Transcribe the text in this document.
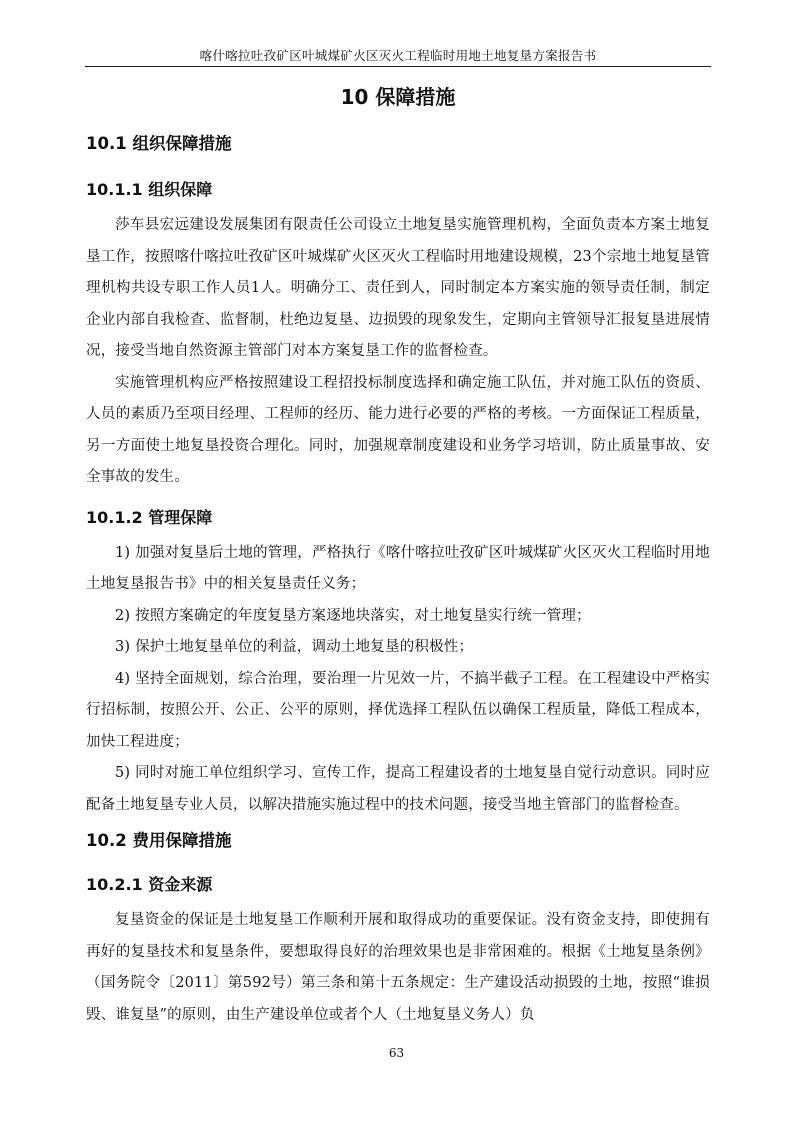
喀什喀拉吐孜矿区叶城煤矿火区灭火工程临时用地土地复垦方案报告书
10 保障措施
10.1 组织保障措施
10.1.1 组织保障

莎车县宏远建设发展集团有限责任公司设立土地复垦实施管理机构，全面负责本方案土地复垦工作，按照喀什喀拉吐孜矿区叶城煤矿火区灭火工程临时用地建设规模，23个宗地土地复垦管理机构共设专职工作人员1人。明确分工、责任到人，同时制定本方案实施的领导责任制，制定企业内部自我检查、监督制，杜绝边复垦、边损毁的现象发生，定期向主管领导汇报复垦进展情况，接受当地自然资源主管部门对本方案复垦工作的监督检查。

实施管理机构应严格按照建设工程招投标制度选择和确定施工队伍，并对施工队伍的资质、人员的素质乃至项目经理、工程师的经历、能力进行必要的严格的考核。一方面保证工程质量，另一方面使土地复垦投资合理化。同时，加强规章制度建设和业务学习培训，防止质量事故、安全事故的发生。

10.1.2 管理保障

1) 加强对复垦后土地的管理，严格执行《喀什喀拉吐孜矿区叶城煤矿火区灭火工程临时用地土地复垦报告书》中的相关复垦责任义务；

2) 按照方案确定的年度复垦方案逐地块落实，对土地复垦实行统一管理；

3) 保护土地复垦单位的利益，调动土地复垦的积极性；

4) 坚持全面规划，综合治理，要治理一片见效一片，不搞半截子工程。在工程建设中严格实行招标制，按照公开、公正、公平的原则，择优选择工程队伍以确保工程质量，降低工程成本，加快工程进度；

5) 同时对施工单位组织学习、宣传工作，提高工程建设者的土地复垦自觉行动意识。同时应配备土地复垦专业人员，以解决措施实施过程中的技术问题，接受当地主管部门的监督检查。

10.2 费用保障措施
10.2.1 资金来源

复垦资金的保证是土地复垦工作顺利开展和取得成功的重要保证。没有资金支持，即使拥有再好的复垦技术和复垦条件，要想取得良好的治理效果也是非常困难的。根据《土地复垦条例》（国务院令〔2011〕第592号）第三条和第十五条规定：生产建设活动损毁的土地，按照“谁损毁、谁复垦”的原则，由生产建设单位或者个人（土地复垦义务人）负

63
